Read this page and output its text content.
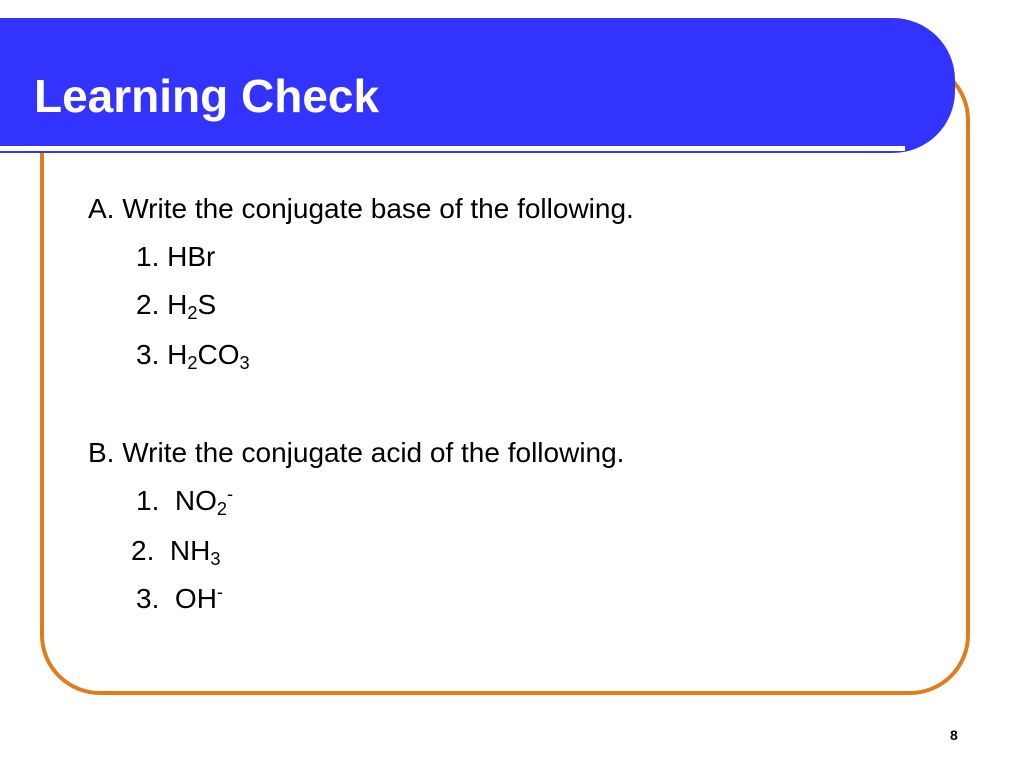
Learning Check
A. Write the conjugate base of the following.
1. HBr
2. $H_2S$
3. $H_2CO_3$
B. Write the conjugate acid of the following.
1.  $NO_2^-$
2.  $NH_3$
3.  OH-
8
